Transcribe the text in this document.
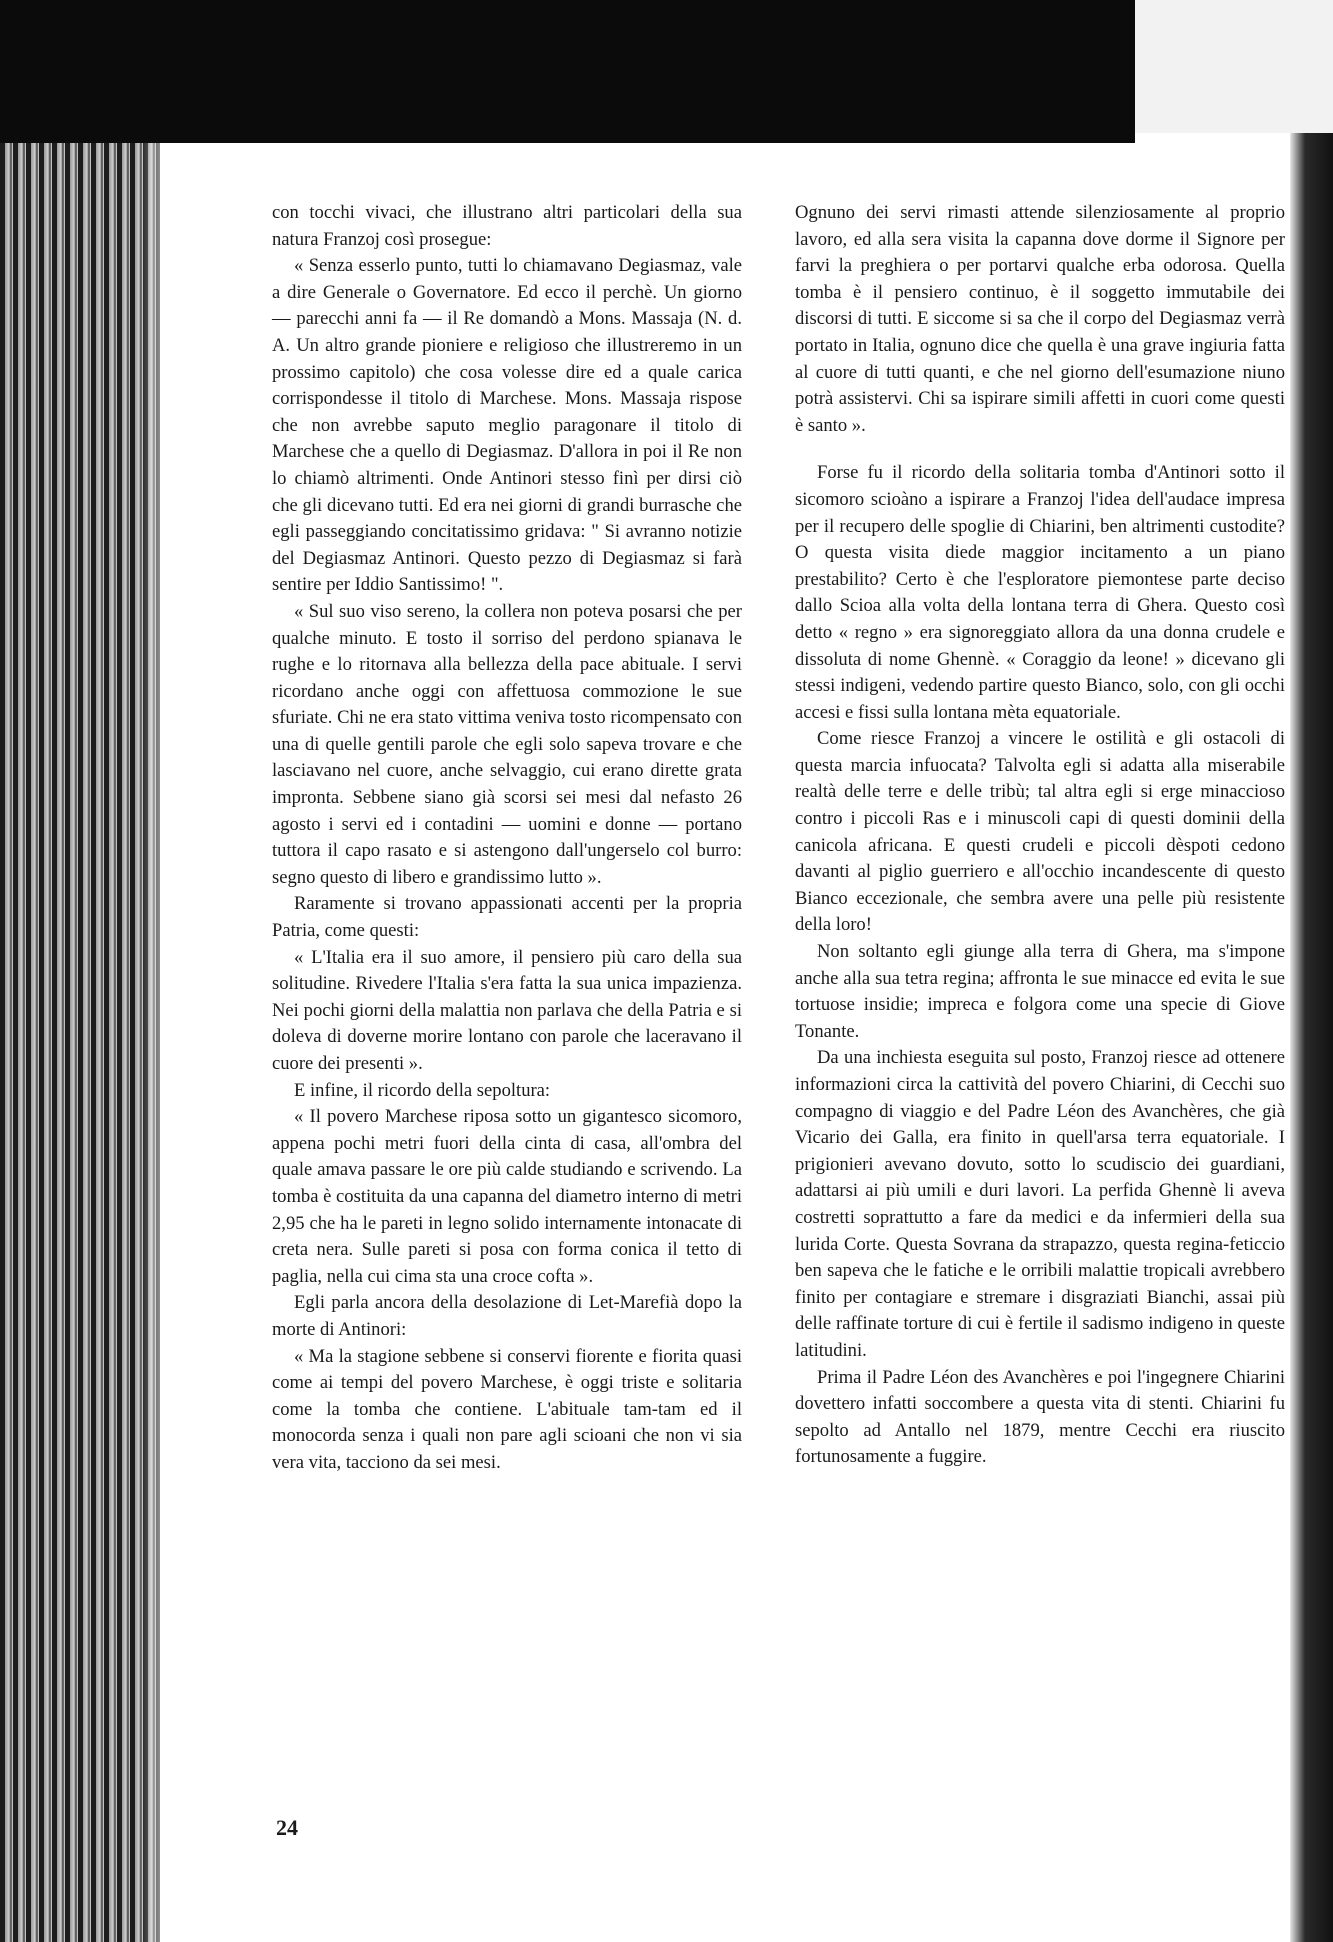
con tocchi vivaci, che illustrano altri particolari della sua natura Franzoj così prosegue:

« Senza esserlo punto, tutti lo chiamavano Degiasmaz, vale a dire Generale o Governatore. Ed ecco il perchè. Un giorno — parecchi anni fa — il Re domandò a Mons. Massaja (N. d. A. Un altro grande pioniere e religioso che illustreremo in un prossimo capitolo) che cosa volesse dire ed a quale carica corrispondesse il titolo di Marchese. Mons. Massaja rispose che non avrebbe saputo meglio paragonare il titolo di Marchese che a quello di Degiasmaz. D'allora in poi il Re non lo chiamò altrimenti. Onde Antinori stesso finì per dirsi ciò che gli dicevano tutti. Ed era nei giorni di grandi burrasche che egli passeggiando concitatissimo gridava: " Si avranno notizie del Degiasmaz Antinori. Questo pezzo di Degiasmaz si farà sentire per Iddio Santissimo! ".

« Sul suo viso sereno, la collera non poteva posarsi che per qualche minuto. E tosto il sorriso del perdono spianava le rughe e lo ritornava alla bellezza della pace abituale. I servi ricordano anche oggi con affettuosa commozione le sue sfuriate. Chi ne era stato vittima veniva tosto ricompensato con una di quelle gentili parole che egli solo sapeva trovare e che lasciavano nel cuore, anche selvaggio, cui erano dirette grata impronta. Sebbene siano già scorsi sei mesi dal nefasto 26 agosto i servi ed i contadini — uomini e donne — portano tuttora il capo rasato e si astengono dall'ungerselo col burro: segno questo di libero e grandissimo lutto ».

Raramente si trovano appassionati accenti per la propria Patria, come questi:

« L'Italia era il suo amore, il pensiero più caro della sua solitudine. Rivedere l'Italia s'era fatta la sua unica impazienza. Nei pochi giorni della malattia non parlava che della Patria e si doleva di doverne morire lontano con parole che laceravano il cuore dei presenti ».

E infine, il ricordo della sepoltura:

« Il povero Marchese riposa sotto un gigantesco sicomoro, appena pochi metri fuori della cinta di casa, all'ombra del quale amava passare le ore più calde studiando e scrivendo. La tomba è costituita da una capanna del diametro interno di metri 2,95 che ha le pareti in legno solido internamente intonacate di creta nera. Sulle pareti si posa con forma conica il tetto di paglia, nella cui cima sta una croce cofta ».

Egli parla ancora della desolazione di Let-Marefià dopo la morte di Antinori:

« Ma la stagione sebbene si conservi fiorente e fiorita quasi come ai tempi del povero Marchese, è oggi triste e solitaria come la tomba che contiene. L'abituale tam-tam ed il monocorda senza i quali non pare agli scioani che non vi sia vera vita, tacciono da sei mesi.

Ognuno dei servi rimasti attende silenziosamente al proprio lavoro, ed alla sera visita la capanna dove dorme il Signore per farvi la preghiera o per portarvi qualche erba odorosa. Quella tomba è il pensiero continuo, è il soggetto immutabile dei discorsi di tutti. E siccome si sa che il corpo del Degiasmaz verrà portato in Italia, ognuno dice che quella è una grave ingiuria fatta al cuore di tutti quanti, e che nel giorno dell'esumazione niuno potrà assistervi. Chi sa ispirare simili affetti in cuori come questi è santo ».

Forse fu il ricordo della solitaria tomba d'Antinori sotto il sicomoro scioàno a ispirare a Franzoj l'idea dell'audace impresa per il recupero delle spoglie di Chiarini, ben altrimenti custodite? O questa visita diede maggior incitamento a un piano prestabilito? Certo è che l'esploratore piemontese parte deciso dallo Scioa alla volta della lontana terra di Ghera. Questo così detto « regno » era signoreggiato allora da una donna crudele e dissoluta di nome Ghennè. « Coraggio da leone! » dicevano gli stessi indigeni, vedendo partire questo Bianco, solo, con gli occhi accesi e fissi sulla lontana mèta equatoriale.

Come riesce Franzoj a vincere le ostilità e gli ostacoli di questa marcia infuocata? Talvolta egli si adatta alla miserabile realtà delle terre e delle tribù; tal altra egli si erge minaccioso contro i piccoli Ras e i minuscoli capi di questi dominii della canicola africana. E questi crudeli e piccoli dèspoti cedono davanti al piglio guerriero e all'occhio incandescente di questo Bianco eccezionale, che sembra avere una pelle più resistente della loro!

Non soltanto egli giunge alla terra di Ghera, ma s'impone anche alla sua tetra regina; affronta le sue minacce ed evita le sue tortuose insidie; impreca e folgora come una specie di Giove Tonante.

Da una inchiesta eseguita sul posto, Franzoj riesce ad ottenere informazioni circa la cattività del povero Chiarini, di Cecchi suo compagno di viaggio e del Padre Léon des Avanchères, che già Vicario dei Galla, era finito in quell'arsa terra equatoriale. I prigionieri avevano dovuto, sotto lo scudiscio dei guardiani, adattarsi ai più umili e duri lavori. La perfida Ghennè li aveva costretti soprattutto a fare da medici e da infermieri della sua lurida Corte. Questa Sovrana da strapazzo, questa regina-feticcio ben sapeva che le fatiche e le orribili malattie tropicali avrebbero finito per contagiare e stremare i disgraziati Bianchi, assai più delle raffinate torture di cui è fertile il sadismo indigeno in queste latitudini.

Prima il Padre Léon des Avanchères e poi l'ingegnere Chiarini dovettero infatti soccombere a questa vita di stenti. Chiarini fu sepolto ad Antallo nel 1879, mentre Cecchi era riuscito fortunosamente a fuggire.

24
